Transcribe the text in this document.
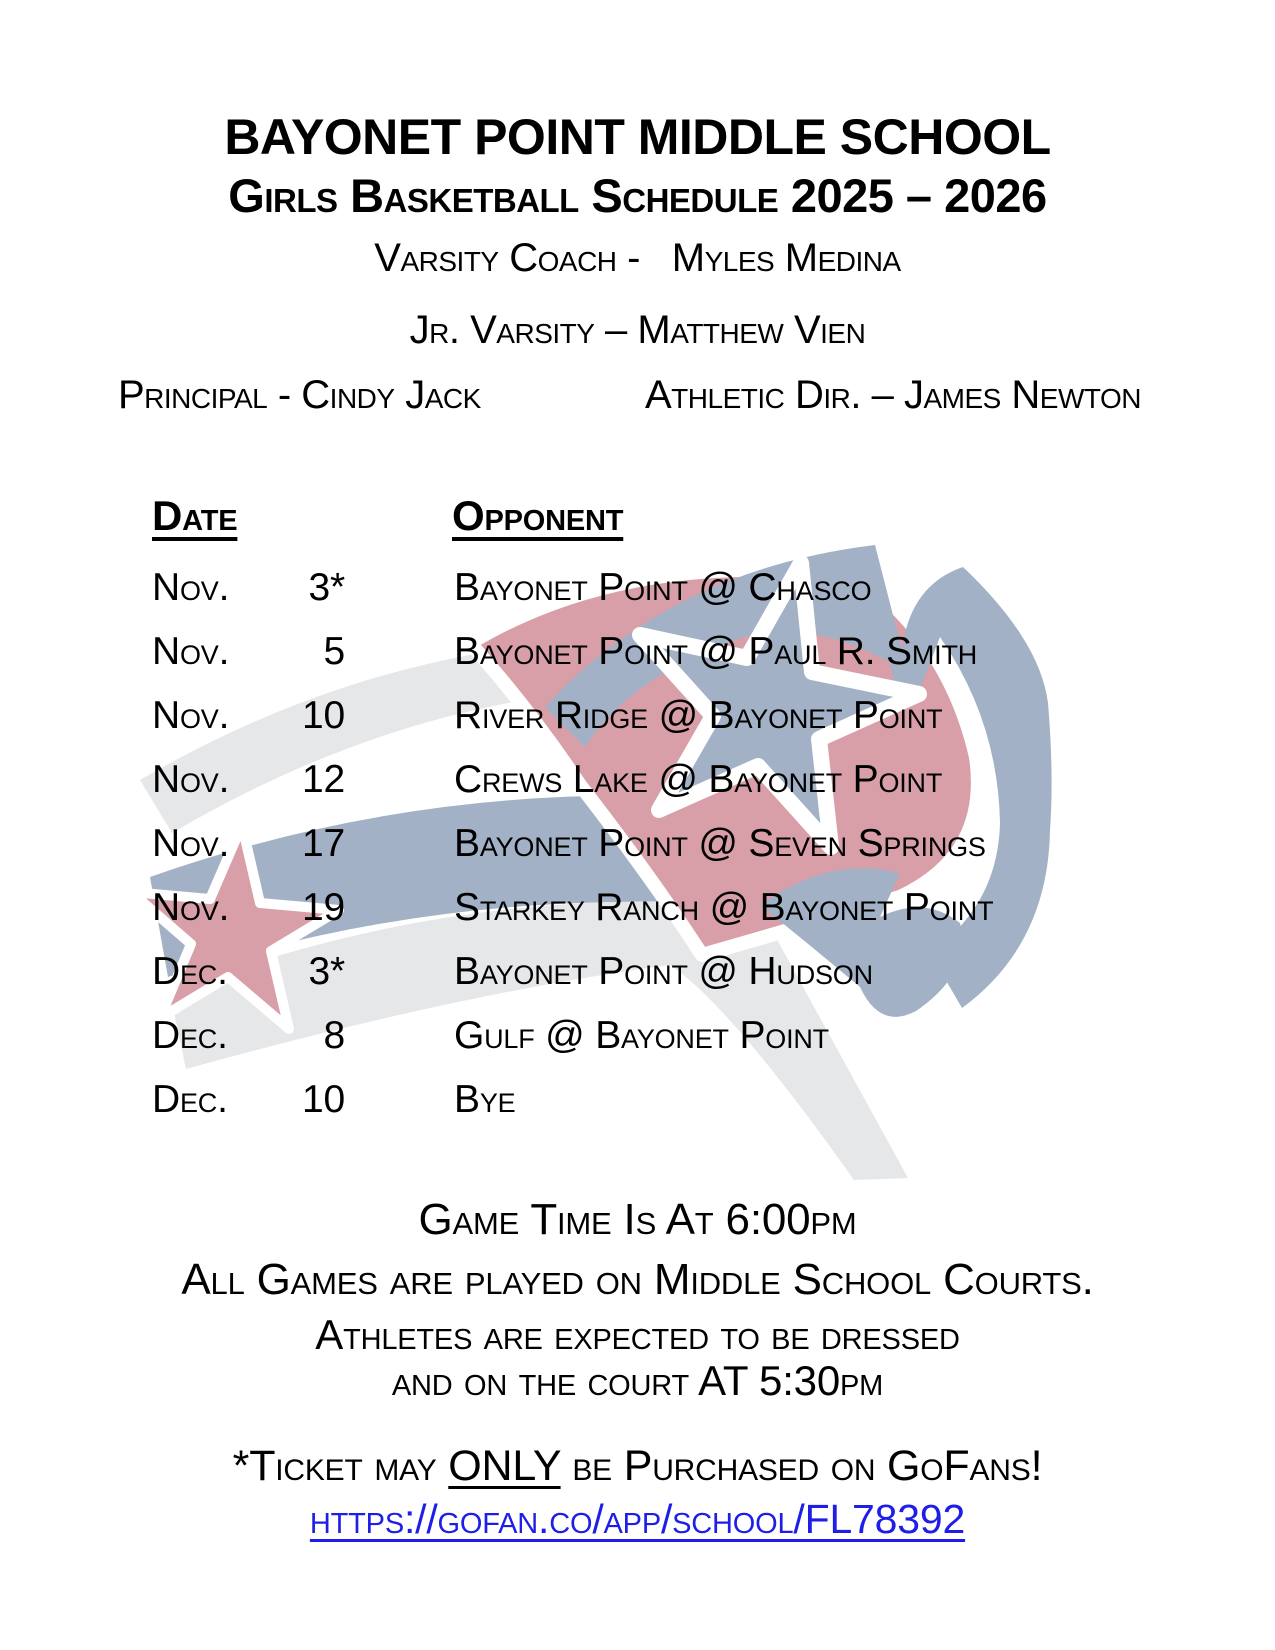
BAYONET POINT MIDDLE SCHOOL
Girls Basketball Schedule 2025 – 2026
Varsity Coach -   Myles Medina
Jr. Varsity – Matthew Vien
Principal - Cindy Jack	Athletic Dir. – James Newton
Date	Opponent
Nov. 3*	Bayonet Point @ Chasco
Nov. 5	Bayonet Point @ Paul R. Smith
Nov. 10	River Ridge @ Bayonet Point
Nov. 12	Crews Lake @ Bayonet Point
Nov. 17	Bayonet Point @ Seven Springs
Nov. 19	Starkey Ranch @ Bayonet Point
Dec. 3*	Bayonet Point @ Hudson
Dec. 8	Gulf @ Bayonet Point
Dec. 10	Bye
Game Time Is At 6:00pm
All Games are played on Middle School Courts.
Athletes are expected to be dressed
and on the court AT 5:30pm
*Ticket may ONLY be Purchased on GoFans!
https://gofan.co/app/school/FL78392
